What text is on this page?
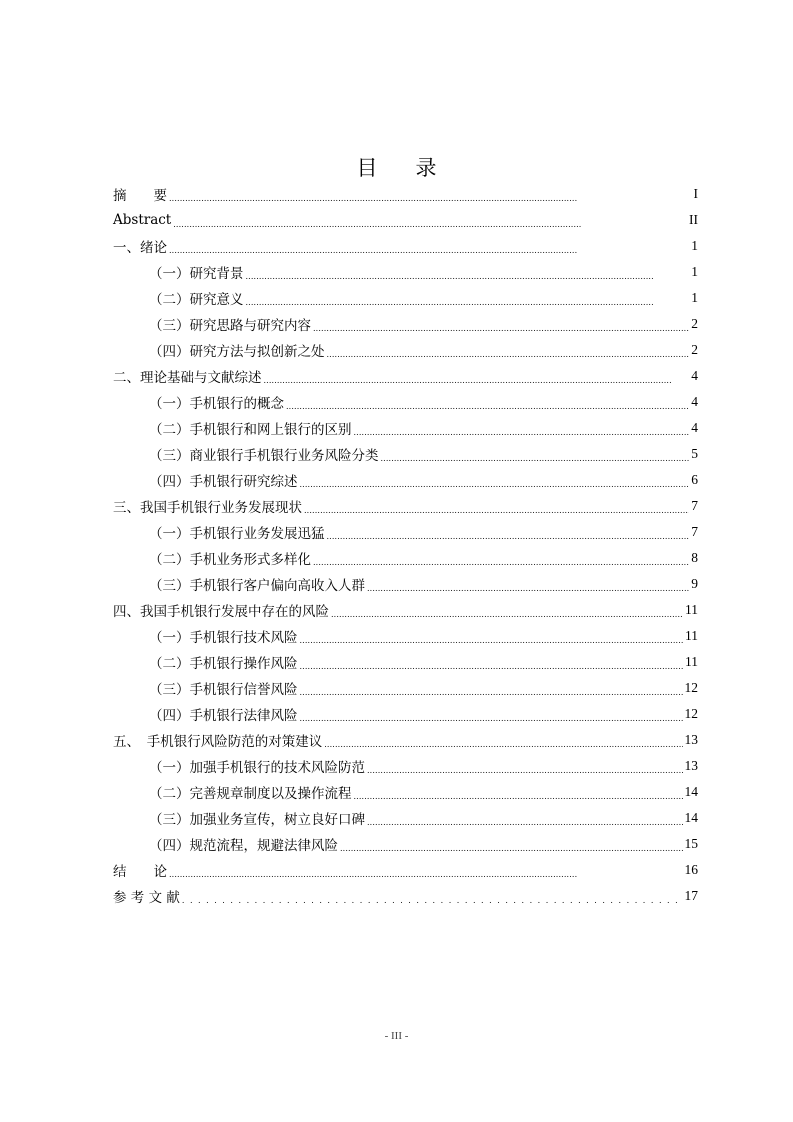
目 录
摘　　要 . . .	I
Abstract . . .	II
一、绪论 . . .	1
（一）研究背景 . . .	1
（二）研究意义 . . .	1
（三）研究思路与研究内容 . . .	2
（四）研究方法与拟创新之处 . . .	2
二、理论基础与文献综述 . . .	4
（一）手机银行的概念 . . .	4
（二）手机银行和网上银行的区别 . . .	4
（三）商业银行手机银行业务风险分类 . . .	5
（四）手机银行研究综述 . . .	6
三、我国手机银行业务发展现状 . . .	7
（一）手机银行业务发展迅猛 . . .	7
（二）手机业务形式多样化 . . .	8
（三）手机银行客户偏向高收入人群 . . .	9
四、我国手机银行发展中存在的风险 . . .	11
（一）手机银行技术风险 . . .	11
（二）手机银行操作风险 . . .	11
（三）手机银行信誉风险 . . .	12
（四）手机银行法律风险 . . .	12
五、　手机银行风险防范的对策建议 . . .	13
（一）加强手机银行的技术风险防范 . . .	13
（二）完善规章制度以及操作流程 . . .	14
（三）加强业务宣传，树立良好口碑 . . .	14
（四）规范流程，规避法律风险 . . .	15
结　　论 . . .	16
参 考 文 献 . . .	17
- III -
